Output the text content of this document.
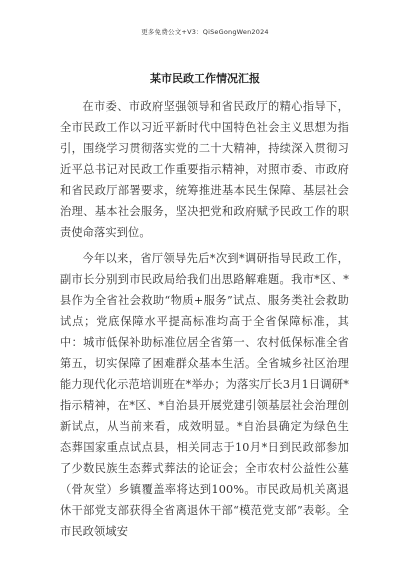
更多免费公文+V3：QiSeGongWen2024
某市民政工作情况汇报

在市委、市政府坚强领导和省民政厅的精心指导下，全市民政工作以习近平新时代中国特色社会主义思想为指引，围绕学习贯彻落实党的二十大精神，持续深入贯彻习近平总书记对民政工作重要指示精神，对照市委、市政府和省民政厅部署要求，统筹推进基本民生保障、基层社会治理、基本社会服务，坚决把党和政府赋予民政工作的职责使命落实到位。

今年以来，省厅领导先后*次到*调研指导民政工作，副市长分别到市民政局给我们出思路解难题。我市*区、*县作为全省社会救助“物质+服务”试点、服务类社会救助试点；党底保障水平提高标准均高于全省保障标准，其中：城市低保补助标准位居全省第一、农村低保标准全省第五，切实保障了困难群众基本生活。全省城乡社区治理能力现代化示范培训班在*举办；为落实厅长3月1日调研*指示精神，在*区、*自治县开展党建引领基层社会治理创新试点，从当前来看，成效明显。*自治县确定为绿色生态葬国家重点试点县，相关同志于10月*日到民政部参加了少数民族生态葬式葬法的论证会；全市农村公益性公墓（骨灰堂）乡镇覆盖率将达到100%。市民政局机关离退休干部党支部获得全省离退休干部“模范党支部”表彰。全市民政领域安
